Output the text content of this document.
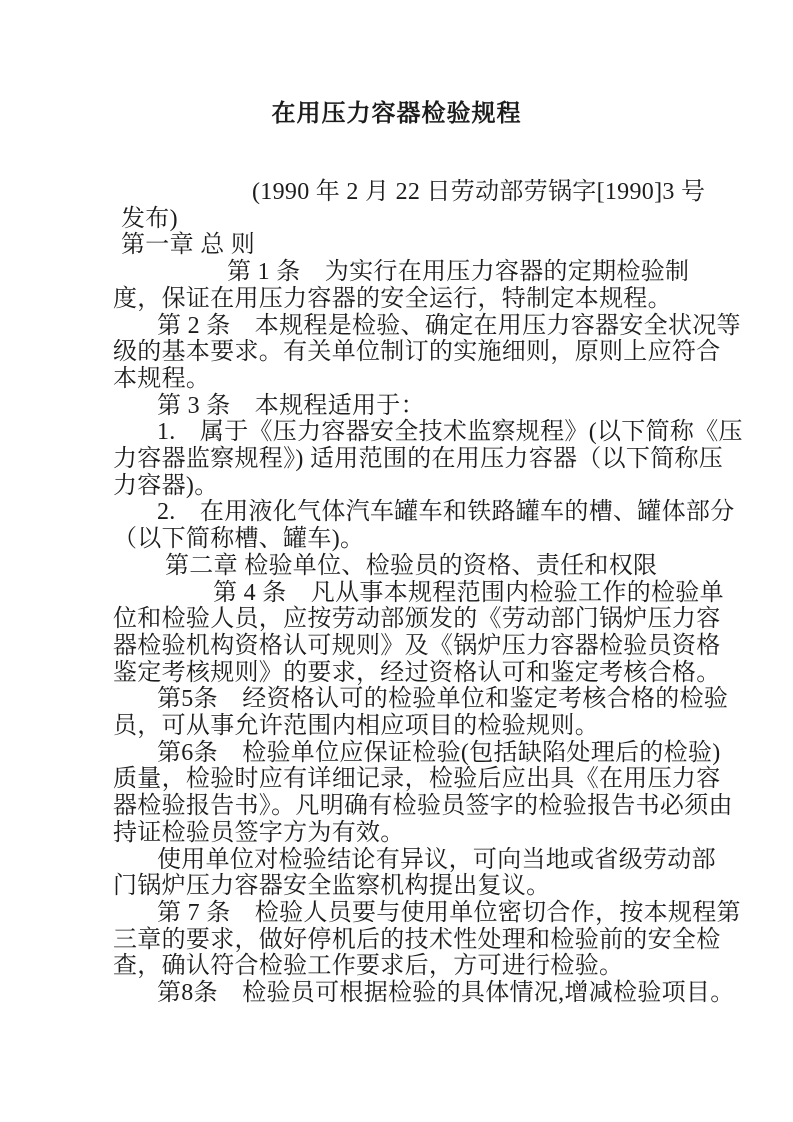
在用压力容器检验规程
(1990 年 2 月 22 日劳动部劳锅字[1990]3 号
发布)
第一章 总 则
第 1 条　为实行在用压力容器的定期检验制
度，保证在用压力容器的安全运行，特制定本规程。
第 2 条　本规程是检验、确定在用压力容器安全状况等
级的基本要求。有关单位制订的实施细则，原则上应符合
本规程。
第 3 条　本规程适用于：
1.　属于《压力容器安全技术监察规程》(以下简称《压
力容器监察规程》) 适用范围的在用压力容器（以下简称压
力容器)。
2.　在用液化气体汽车罐车和铁路罐车的槽、罐体部分
（以下简称槽、罐车)。
第二章 检验单位、检验员的资格、责任和权限
第 4 条　凡从事本规程范围内检验工作的检验单
位和检验人员，应按劳动部颁发的《劳动部门锅炉压力容
器检验机构资格认可规则》及《锅炉压力容器检验员资格
鉴定考核规则》的要求，经过资格认可和鉴定考核合格。
第5条　经资格认可的检验单位和鉴定考核合格的检验
员，可从事允许范围内相应项目的检验规则。
第6条　检验单位应保证检验(包括缺陷处理后的检验)
质量，检验时应有详细记录，检验后应出具《在用压力容
器检验报告书》。凡明确有检验员签字的检验报告书必须由
持证检验员签字方为有效。
使用单位对检验结论有异议，可向当地或省级劳动部
门锅炉压力容器安全监察机构提出复议。
第 7 条　检验人员要与使用单位密切合作，按本规程第
三章的要求，做好停机后的技术性处理和检验前的安全检
查，确认符合检验工作要求后，方可进行检验。
第8条　检验员可根据检验的具体情况,增减检验项目。
